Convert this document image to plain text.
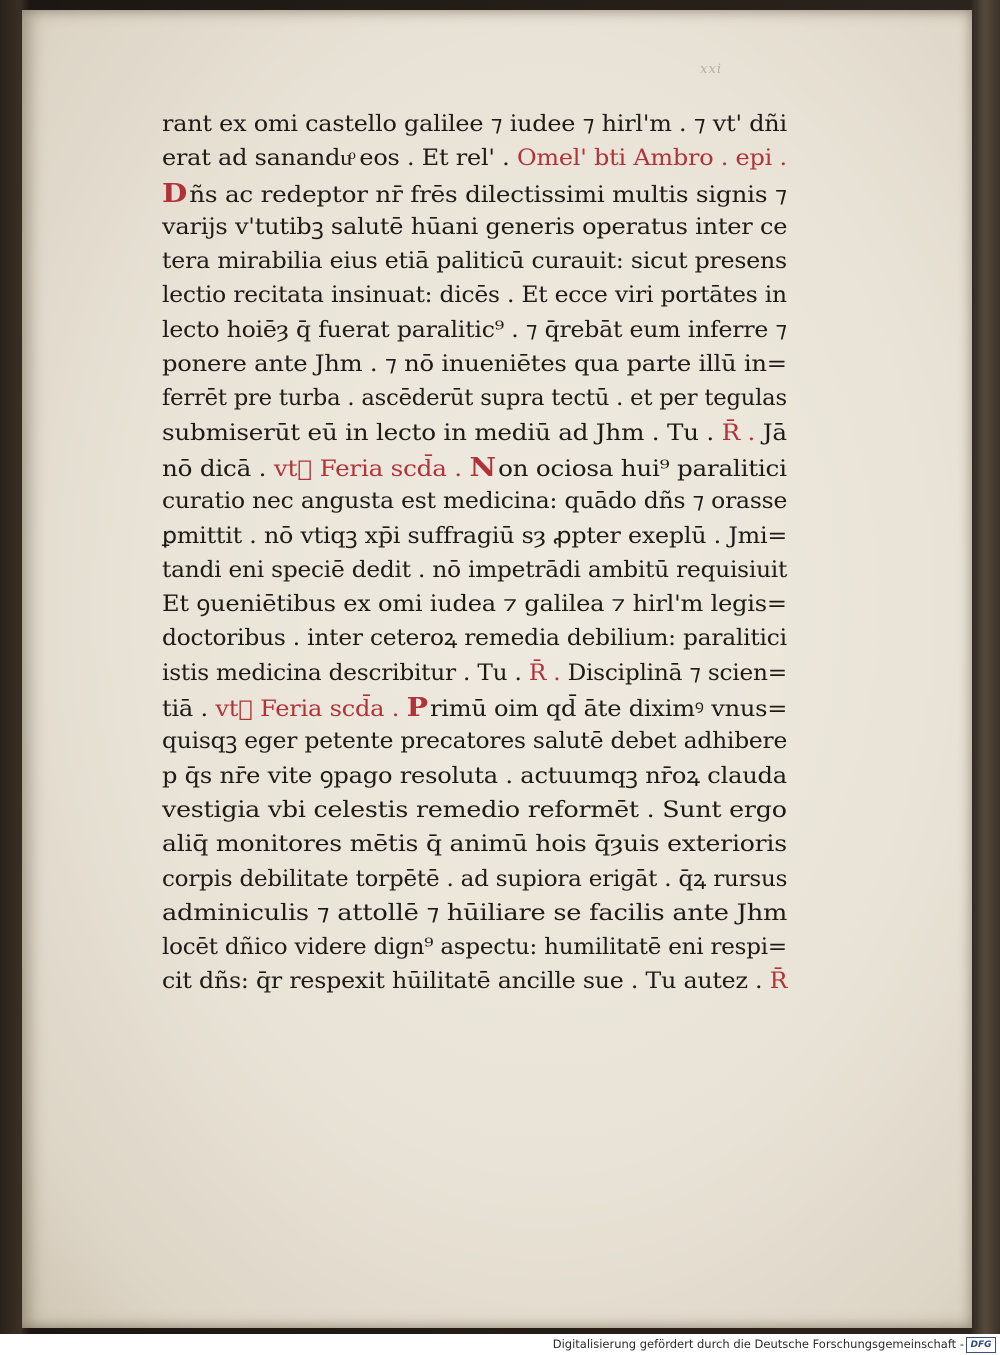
xxi
rant ex omi castello galilee ⁊ iudee ⁊ hirl'm . ⁊ vt' dñi
erat ad sananduͦ eos . Et rel' . Omel' bti Ambro . epi .
D ñs ac redeptor nr̄ frēs dilectissimi multis signis ⁊
varijs v'tutibꝫ salutē hūani generis operatus inter ce
tera mirabilia eius etiā paliticū curauit: sicut presens
lectio recitata insinuat: dicēs . Et ecce viri portātes in
lecto hoiēȝ q̄ fuerat paralitic⁹ . ⁊ q̄rebāt eum inferre ⁊
ponere ante Jhm . ⁊ nō inueniētes qua parte illū in=
ferrēt pre turba . ascēderūt supra tectū . et per tegulas
submiserūt eū in lecto in mediū ad Jhm . Tu . R̄ . Jā
nō dicā . vt᷑ Feria scd̄a . N on ociosa hui⁹ paralitici
curatio nec angusta est medicina: quādo dñs ⁊ orasse
ꝑmittit . nō vtiqꝫ xp̄i suffragiū sȝ ꝓpter exeplū . Jmi=
tandi eni speciē dedit . nō impetrādi ambitū requisiuit
Et ꝯueniētibus ex omi iudea ⁊ galilea ⁊ hirl'm legis=
doctoribus . inter ceteroꝝ remedia debilium: paralitici
istis medicina describitur . Tu . R̄ . Disciplinā ⁊ scien=
tiā . vt᷑ Feria scd̄a . Primū oim qd̄ āte diximꝰ vnus=
quisqꝫ eger petente precatores salutē debet adhibere
p q̄s nr̄e vite ꝯpago resoluta . actuumqꝫ nr̄oꝝ clauda
vestigia vbi celestis remedio reformēt . Sunt ergo
aliq̄ monitores mētis q̄ animū hois q̄ȝuis exterioris
corpis debilitate torpētē . ad supiora erigāt . q̄ꝝ rursus
adminiculis ⁊ attollē ⁊ hūiliare se facilis ante Jhm
locēt dñico videre dign⁹ aspectu: humilitatē eni respi=
cit dñs: q̄r respexit hūilitatē ancille sue . Tu autez . R̄
Digitalisierung gefördert durch die Deutsche Forschungsgemeinschaft - DFG
